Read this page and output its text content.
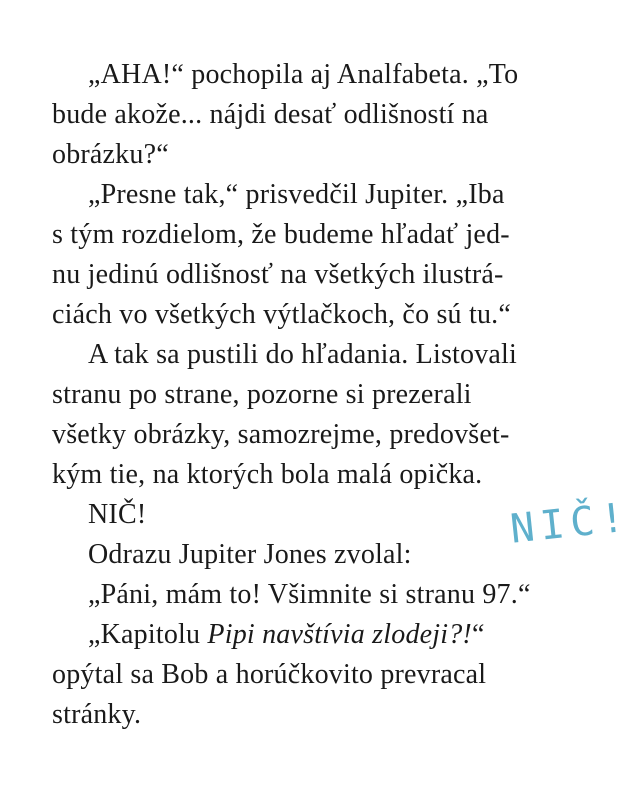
„AHA!“ pochopila aj Analfabeta. „To
bude akože... nájdi desať odlišností na
obrázku?“
„Presne tak,“ prisvedčil Jupiter. „Iba
s tým rozdielom, že budeme hľadať jed-
nu jedinú odlišnosť na všetkých ilustrá-
ciách vo všetkých výtlačkoch, čo sú tu.“
A tak sa pustili do hľadania. Listovali
stranu po strane, pozorne si prezerali
všetky obrázky, samozrejme, predovšet-
kým tie, na ktorých bola malá opička.
NIČ!
Odrazu Jupiter Jones zvolal:
„Páni, mám to! Všimnite si stranu 97.“
„Kapitolu Pipi navštívia zlodeji?!“
opýtal sa Bob a horúčkovito prevracal
stránky.
NIČ!
